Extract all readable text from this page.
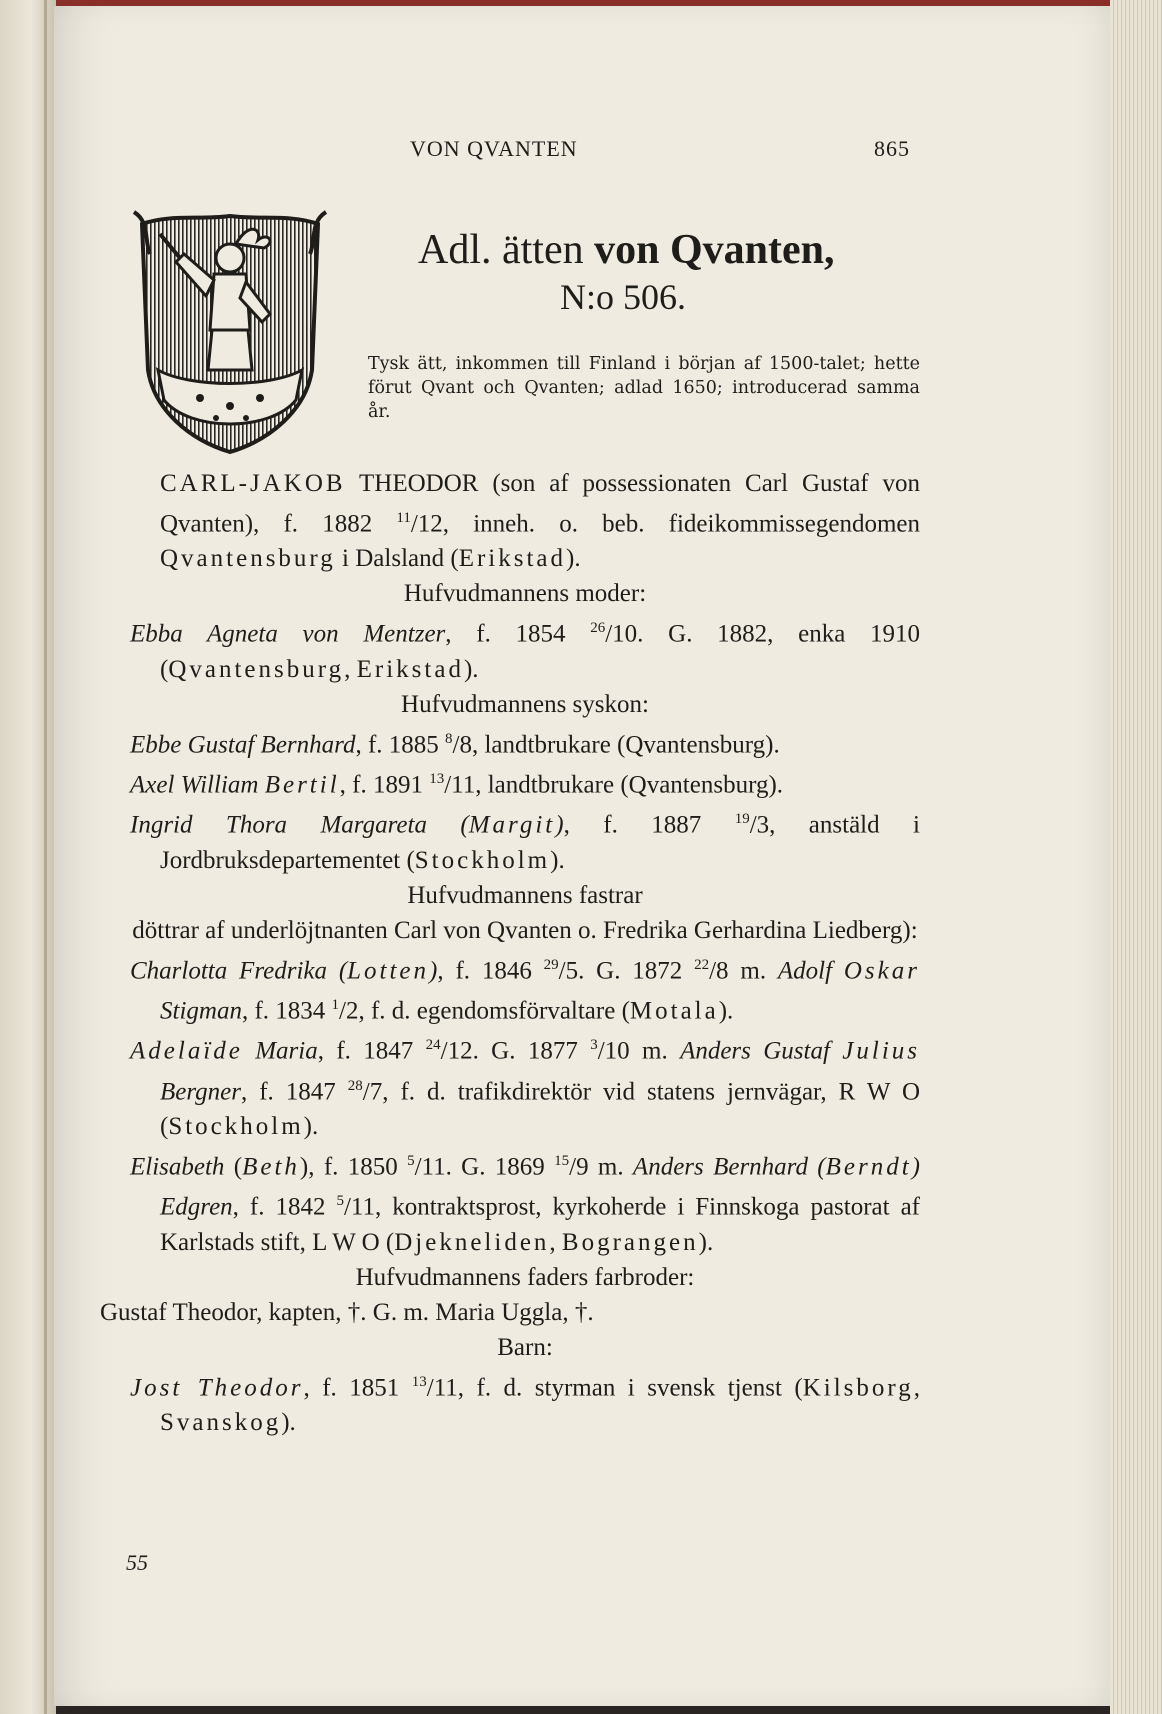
VON QVANTEN	865
Adl. ätten von Qvanten,
N:o 506.
Tysk ätt, inkommen till Finland i början af 1500-talet; hette förut Qvant och Qvanten; adlad 1650; introducerad samma år.

CARL-JAKOB THEODOR (son af possessionaten Carl Gustaf von Qvanten), f. 1882 $^{11}$/12, inneh. o. beb. fideikommissegendomen Qvantensburg i Dalsland (Erikstad).

Hufvudmannens moder:

Ebba Agneta von Mentzer, f. 1854 $^{26}$/10. G. 1882, enka 1910 (Qvantensburg, Erikstad).

Hufvudmannens syskon:

Ebbe Gustaf Bernhard, f. 1885 $^8$/8, landtbrukare (Qvantensburg).

Axel William Bertil, f. 1891 $^{13}$/11, landtbrukare (Qvantensburg).

Ingrid Thora Margareta (Margit), f. 1887 $^{19}$/3, anstäld i Jordbruksdepartementet (Stockholm).

Hufvudmannens fastrar

döttrar af underlöjtnanten Carl von Qvanten o. Fredrika Gerhardina Liedberg):

Charlotta Fredrika (Lotten), f. 1846 $^{29}$/5. G. 1872 $^{22}$/8 m. Adolf Oskar Stigman, f. 1834 $^1$/2, f. d. egendomsförvaltare (Motala).

Adelaïde Maria, f. 1847 $^{24}$/12. G. 1877 $^3$/10 m. Anders Gustaf Julius Bergner, f. 1847 $^{28}$/7, f. d. trafikdirektör vid statens jernvägar, R W O (Stockholm).

Elisabeth (Beth), f. 1850 $^5$/11. G. 1869 $^{15}$/9 m. Anders Bernhard (Berndt) Edgren, f. 1842 $^5$/11, kontraktsprost, kyrkoherde i Finnskoga pastorat af Karlstads stift, L W O (Djekneliden, Bograngen).

Hufvudmannens faders farbroder:

Gustaf Theodor, kapten, †. G. m. Maria Uggla, †.

Barn:

Jost Theodor, f. 1851 $^{13}$/11, f. d. styrman i svensk tjenst (Kilsborg, Svanskog).

55
